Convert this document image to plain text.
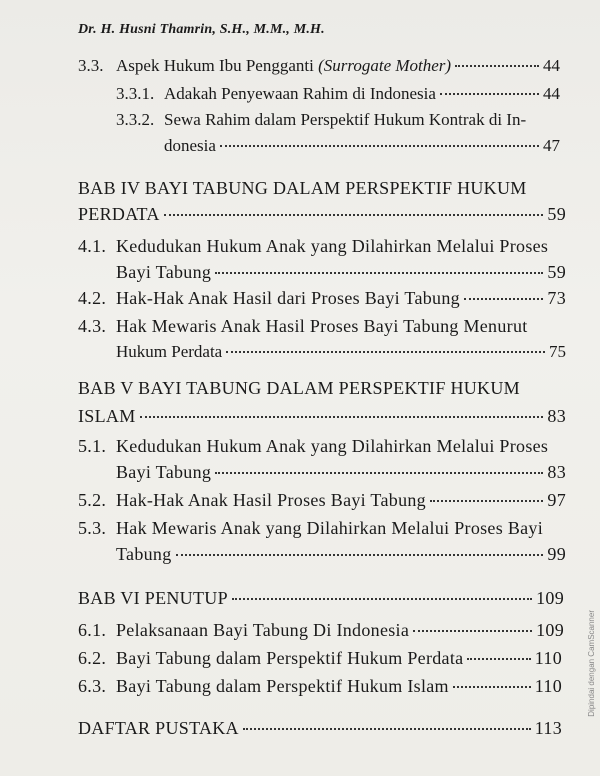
Dr. H. Husni Thamrin, S.H., M.M., M.H.
3.3. Aspek Hukum Ibu Pengganti (Surrogate Mother)	44
3.3.1. Adakah Penyewaan Rahim di Indonesia	44
3.3.2. Sewa Rahim dalam Perspektif Hukum Kontrak di In-
donesia	47
BAB IV BAYI TABUNG DALAM PERSPEKTIF HUKUM
PERDATA	59
4.1. Kedudukan Hukum Anak yang Dilahirkan Melalui Proses
Bayi Tabung	59
4.2. Hak-Hak Anak Hasil dari Proses Bayi Tabung	73
4.3. Hak Mewaris Anak Hasil Proses Bayi Tabung Menurut
Hukum Perdata	75
BAB V BAYI TABUNG DALAM PERSPEKTIF HUKUM
ISLAM	83
5.1. Kedudukan Hukum Anak yang Dilahirkan Melalui Proses
Bayi Tabung	83
5.2. Hak-Hak Anak Hasil Proses Bayi Tabung	97
5.3. Hak Mewaris Anak yang Dilahirkan Melalui Proses Bayi
Tabung	99
BAB VI PENUTUP	109
6.1. Pelaksanaan Bayi Tabung Di Indonesia	109
6.2. Bayi Tabung dalam Perspektif Hukum Perdata	110
6.3. Bayi Tabung dalam Perspektif Hukum Islam	110
DAFTAR PUSTAKA	113
Dipindai dengan CamScanner
